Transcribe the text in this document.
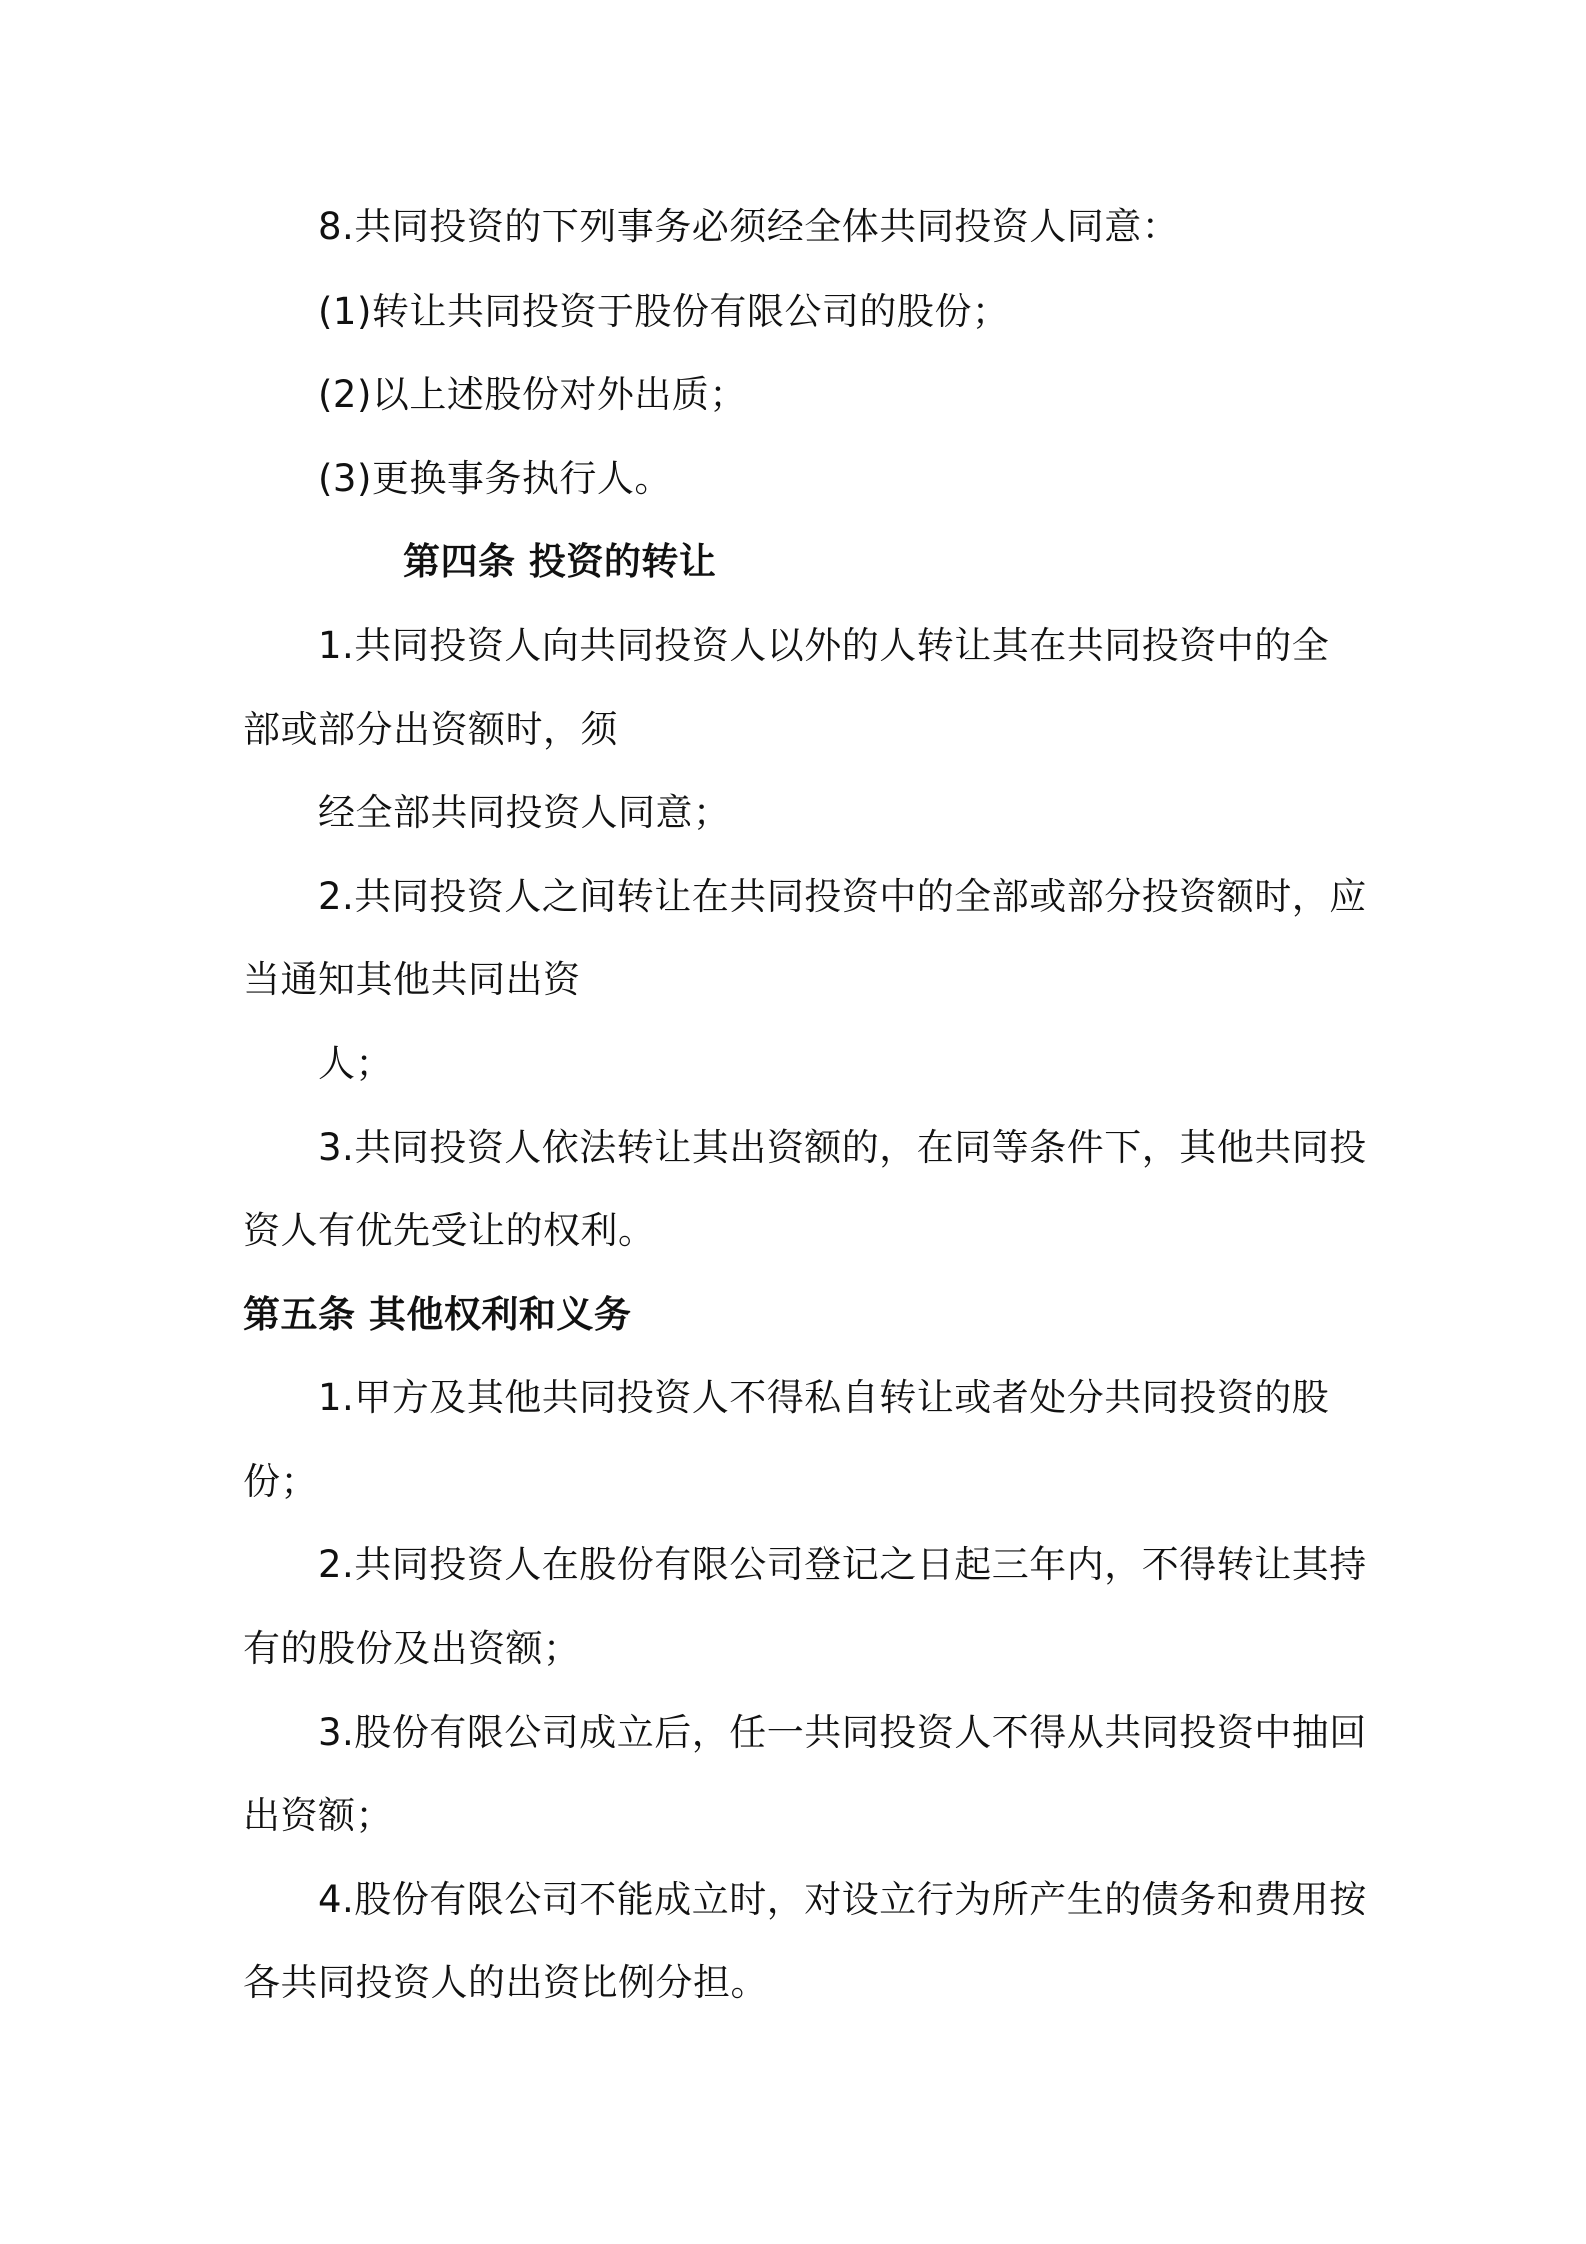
8.共同投资的下列事务必须经全体共同投资人同意：
(1)转让共同投资于股份有限公司的股份；
(2)以上述股份对外出质；
(3)更换事务执行人。
第四条 投资的转让
1.共同投资人向共同投资人以外的人转让其在共同投资中的全
部或部分出资额时，须
经全部共同投资人同意；
2.共同投资人之间转让在共同投资中的全部或部分投资额时，应
当通知其他共同出资
人；
3.共同投资人依法转让其出资额的，在同等条件下，其他共同投
资人有优先受让的权利。
第五条 其他权利和义务
1.甲方及其他共同投资人不得私自转让或者处分共同投资的股
份；
2.共同投资人在股份有限公司登记之日起三年内，不得转让其持
有的股份及出资额；
3.股份有限公司成立后，任一共同投资人不得从共同投资中抽回
出资额；
4.股份有限公司不能成立时，对设立行为所产生的债务和费用按
各共同投资人的出资比例分担。
